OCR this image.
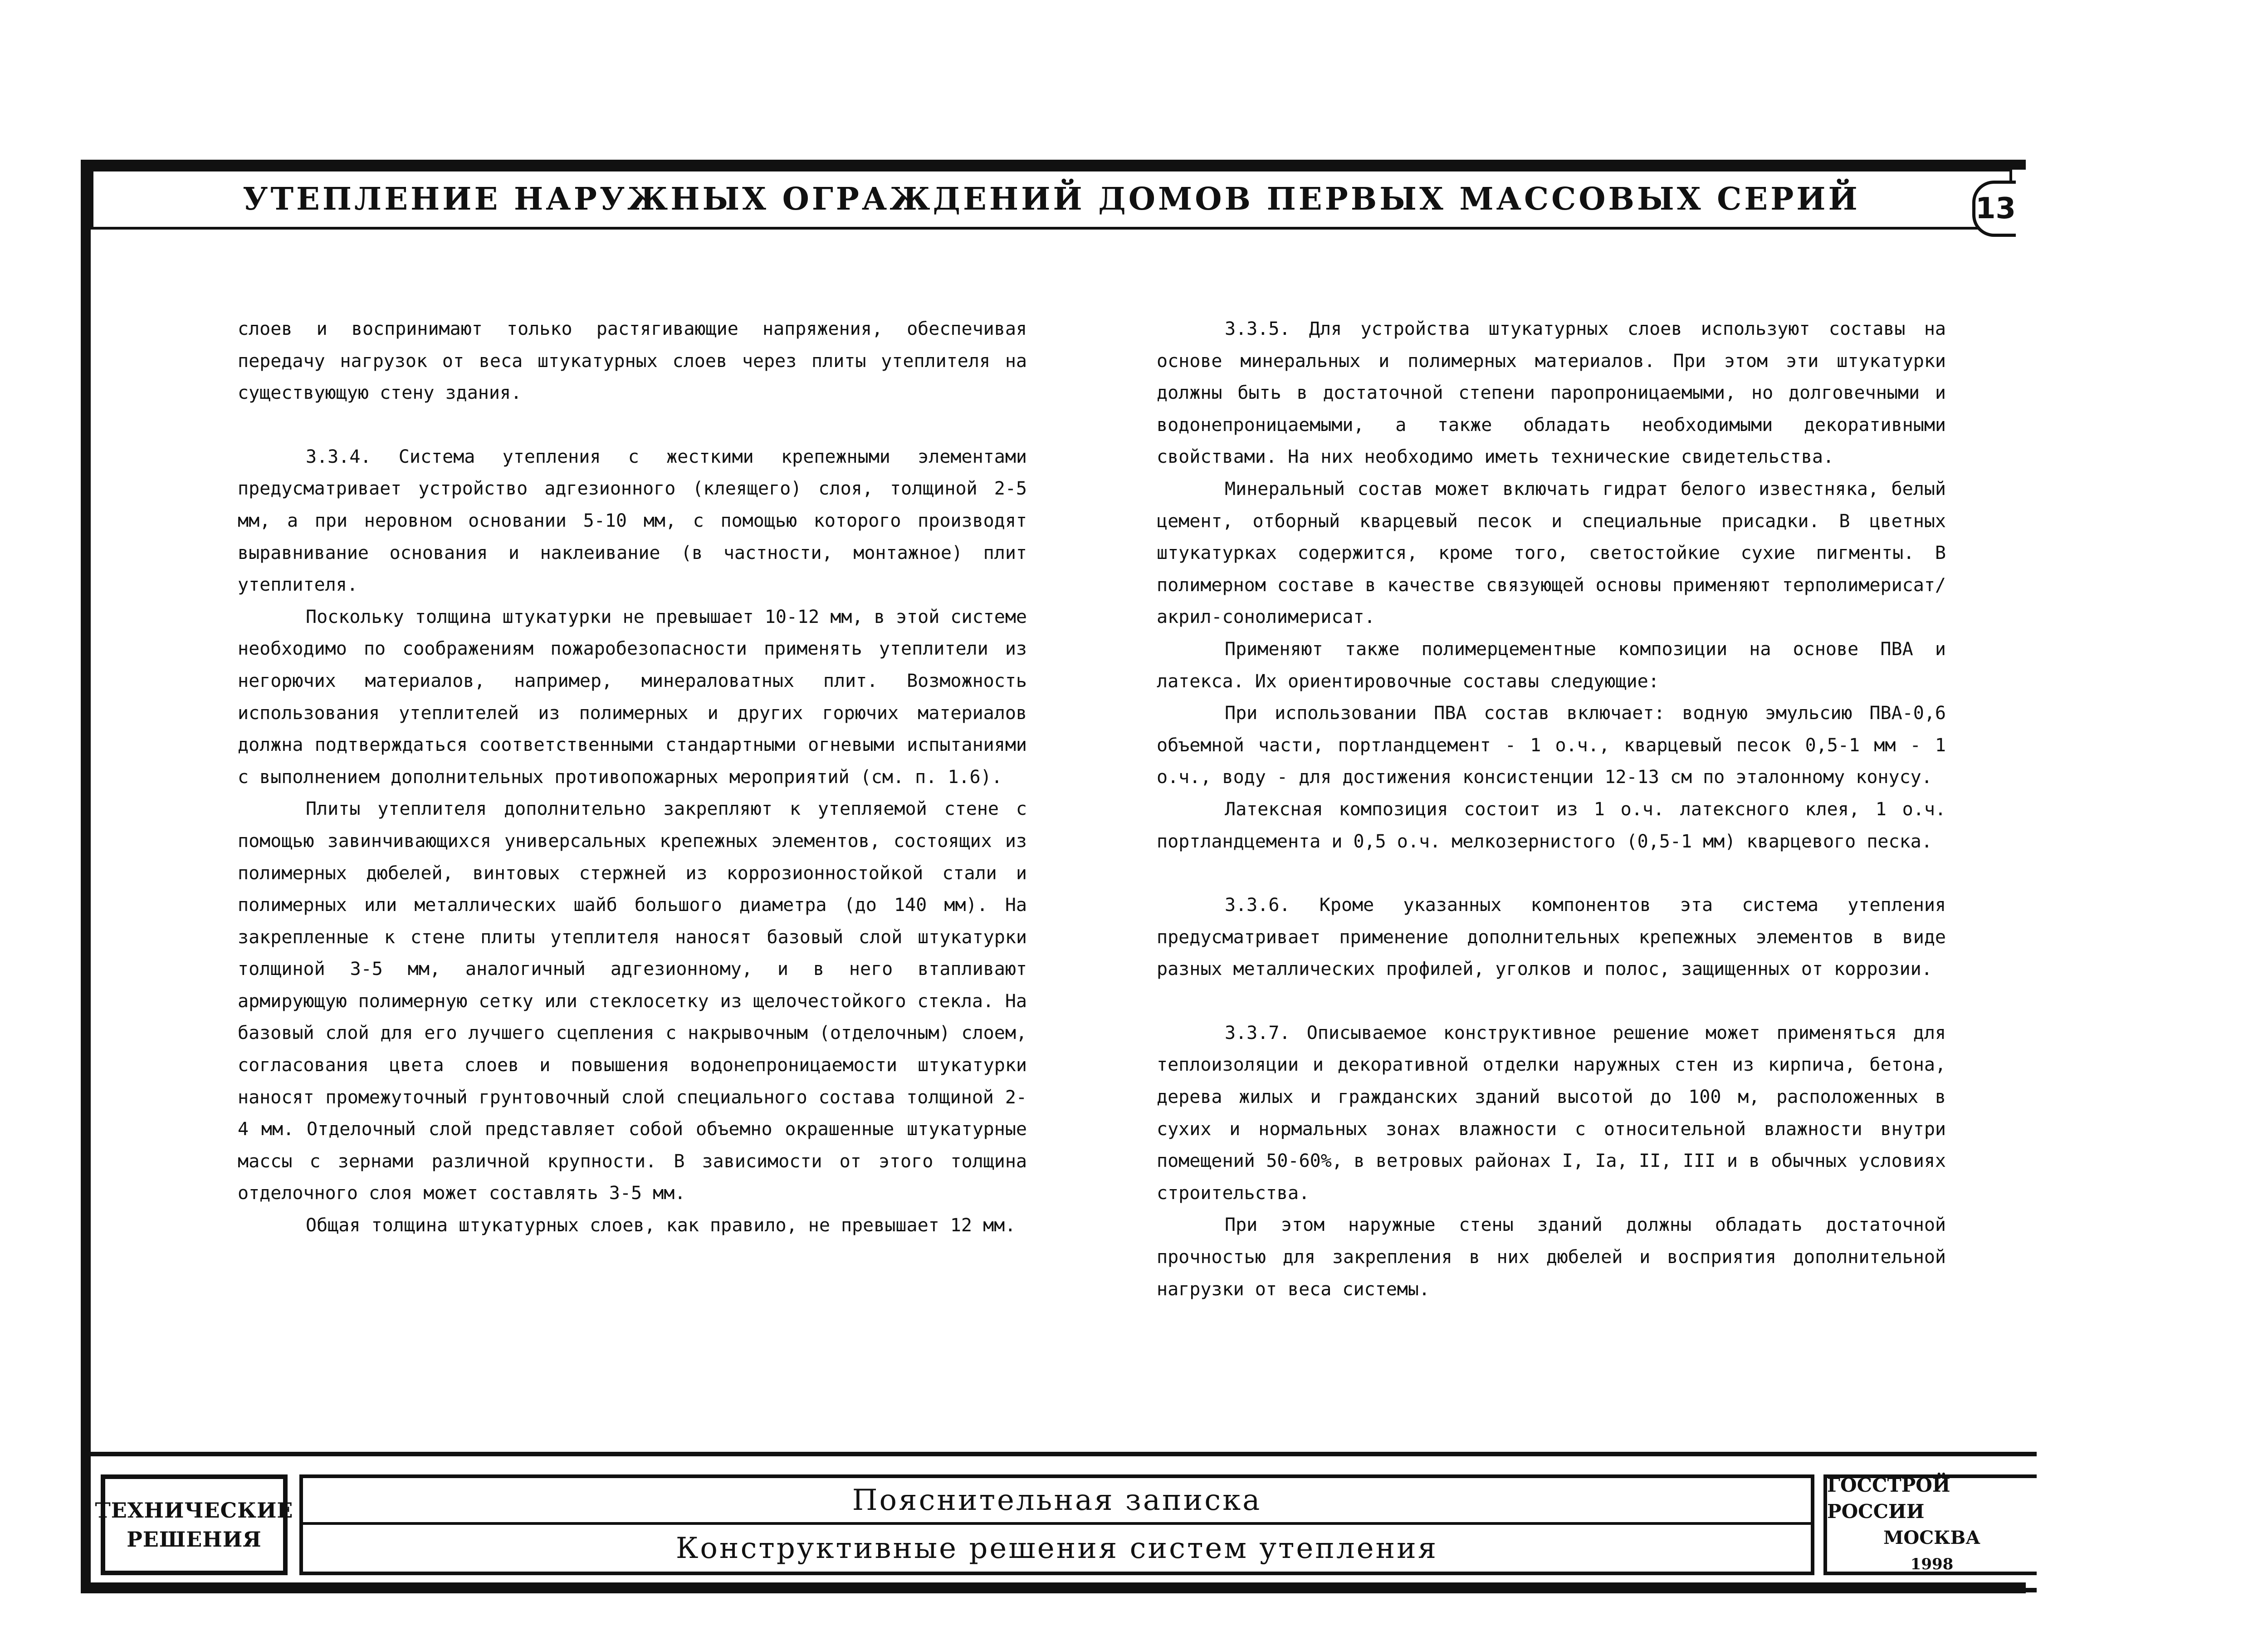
УТЕПЛЕНИЕ НАРУЖНЫХ ОГРАЖДЕНИЙ ДОМОВ ПЕРВЫХ МАССОВЫХ СЕРИЙ	13

слоев и воспринимают только растягивающие напряжения, обеспечивая передачу нагрузок от веса штукатурных слоев через плиты утеплителя на существующую стену здания.

3.3.4. Система утепления с жесткими крепежными элементами предусматривает устройство адгезионного (клеящего) слоя, толщиной 2-5 мм, а при неровном основании 5-10 мм, с помощью которого производят выравнивание основания и наклеивание (в частности, монтажное) плит утеплителя.

Поскольку толщина штукатурки не превышает 10-12 мм, в этой системе необходимо по соображениям пожаробезопасности применять утеплители из негорючих материалов, например, минераловатных плит. Возможность использования утеплителей из полимерных и других горючих материалов должна подтверждаться соответственными стандартными огневыми испытаниями с выполнением дополнительных противопожарных мероприятий (см. п. 1.6).

Плиты утеплителя дополнительно закрепляют к утепляемой стене с помощью завинчивающихся универсальных крепежных элементов, состоящих из полимерных дюбелей, винтовых стержней из коррозионностойкой стали и полимерных или металлических шайб большого диаметра (до 140 мм). На закрепленные к стене плиты утеплителя наносят базовый слой штукатурки толщиной 3-5 мм, аналогичный адгезионному, и в него втапливают армирующую полимерную сетку или стеклосетку из щелочестойкого стекла. На базовый слой для его лучшего сцепления с накрывочным (отделочным) слоем, согласования цвета слоев и повышения водонепроницаемости штукатурки наносят промежуточный грунтовочный слой специального состава толщиной 2-4 мм. Отделочный слой представляет собой объемно окрашенные штукатурные массы с зернами различной крупности. В зависимости от этого толщина отделочного слоя может составлять 3-5 мм.

Общая толщина штукатурных слоев, как правило, не превышает 12 мм.

3.3.5. Для устройства штукатурных слоев используют составы на основе минеральных и полимерных материалов. При этом эти штукатурки должны быть в достаточной степени паропроницаемыми, но долговечными и водонепроницаемыми, а также обладать необходимыми декоративными свойствами. На них необходимо иметь технические свидетельства.

Минеральный состав может включать гидрат белого известняка, белый цемент, отборный кварцевый песок и специальные присадки. В цветных штукатурках содержится, кроме того, светостойкие сухие пигменты. В полимерном составе в качестве связующей основы применяют терполимерисат/акрил-сонолимерисат.

Применяют также полимерцементные композиции на основе ПВА и латекса. Их ориентировочные составы следующие:

При использовании ПВА состав включает: водную эмульсию ПВА-0,6 объемной части, портландцемент - 1 о.ч., кварцевый песок 0,5-1 мм - 1 о.ч., воду - для достижения консистенции 12-13 см по эталонному конусу.

Латексная композиция состоит из 1 о.ч. латексного клея, 1 о.ч. портландцемента и 0,5 о.ч. мелкозернистого (0,5-1 мм) кварцевого песка.

3.3.6. Кроме указанных компонентов эта система утепления предусматривает применение дополнительных крепежных элементов в виде разных металлических профилей, уголков и полос, защищенных от коррозии.

3.3.7. Описываемое конструктивное решение может применяться для теплоизоляции и декоративной отделки наружных стен из кирпича, бетона, дерева жилых и гражданских зданий высотой до 100 м, расположенных в сухих и нормальных зонах влажности с относительной влажности внутри помещений 50-60%, в ветровых районах I, Ia, II, III и в обычных условиях строительства.

При этом наружные стены зданий должны обладать достаточной прочностью для закрепления в них дюбелей и восприятия дополнительной нагрузки от веса системы.

ТЕХНИЧЕСКИЕ
РЕШЕНИЯ
Пояснительная записка
Конструктивные решения систем утепления
ГОССТРОЙ РОССИИ
МОСКВА
1998
